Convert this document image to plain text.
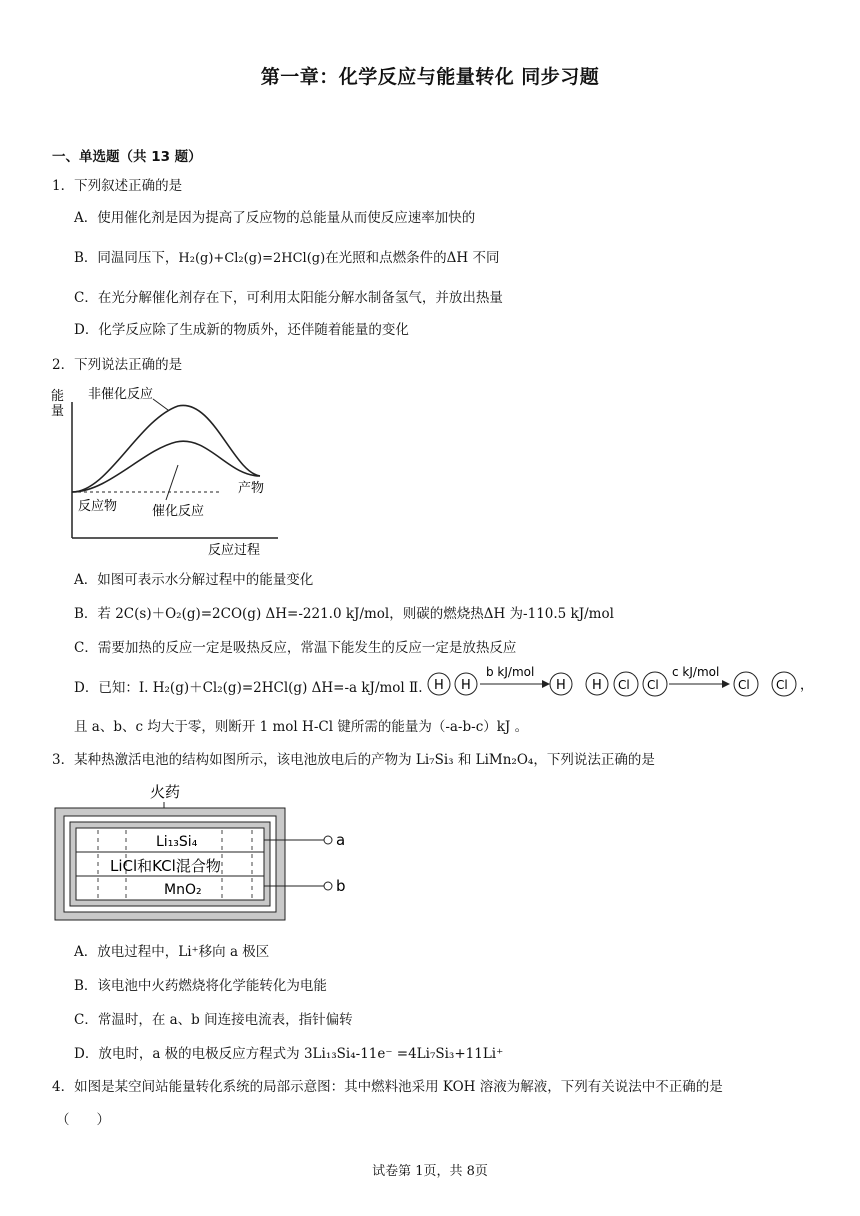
第一章：化学反应与能量转化 同步习题
一、单选题（共 13 题）
1．下列叙述正确的是
A．使用催化剂是因为提高了反应物的总能量从而使反应速率加快的
B．同温同压下，H₂(g)+Cl₂(g)=2HCl(g)在光照和点燃条件的ΔH 不同
C．在光分解催化剂存在下，可利用太阳能分解水制备氢气，并放出热量
D．化学反应除了生成新的物质外，还伴随着能量的变化
2．下列说法正确的是
能
量
反应过程
非催化反应
催化反应
反应物
产物
A．如图可表示水分解过程中的能量变化
B．若 2C(s)＋O₂(g)=2CO(g) ΔH=-221.0 kJ/mol，则碳的燃烧热ΔH 为-110.5 kJ/mol
C．需要加热的反应一定是吸热反应，常温下能发生的反应一定是放热反应
D．已知：Ⅰ. H₂(g)＋Cl₂(g)=2HCl(g) ΔH=-a kJ/mol Ⅱ. H H
b kJ/mol
H H Cl Cl
c kJ/mol
Cl Cl ，
且 a、b、c 均大于零，则断开 1 mol H-Cl 键所需的能量为（-a-b-c）kJ 。
3．某种热激活电池的结构如图所示，该电池放电后的产物为 Li₇Si₃ 和 LiMn₂O₄，下列说法正确的是
火药
Li₁₃Si₄
LiCl和KCl混合物
MnO₂
a
b
A．放电过程中，Li⁺移向 a 极区
B．该电池中火药燃烧将化学能转化为电能
C．常温时，在 a、b 间连接电流表，指针偏转
D．放电时，a 极的电极反应方程式为 3Li₁₃Si₄-11e⁻ =4Li₇Si₃+11Li⁺
4．如图是某空间站能量转化系统的局部示意图：其中燃料池采用 KOH 溶液为解液，下列有关说法中不正确的是
（　　）
试卷第 1页，共 8页
